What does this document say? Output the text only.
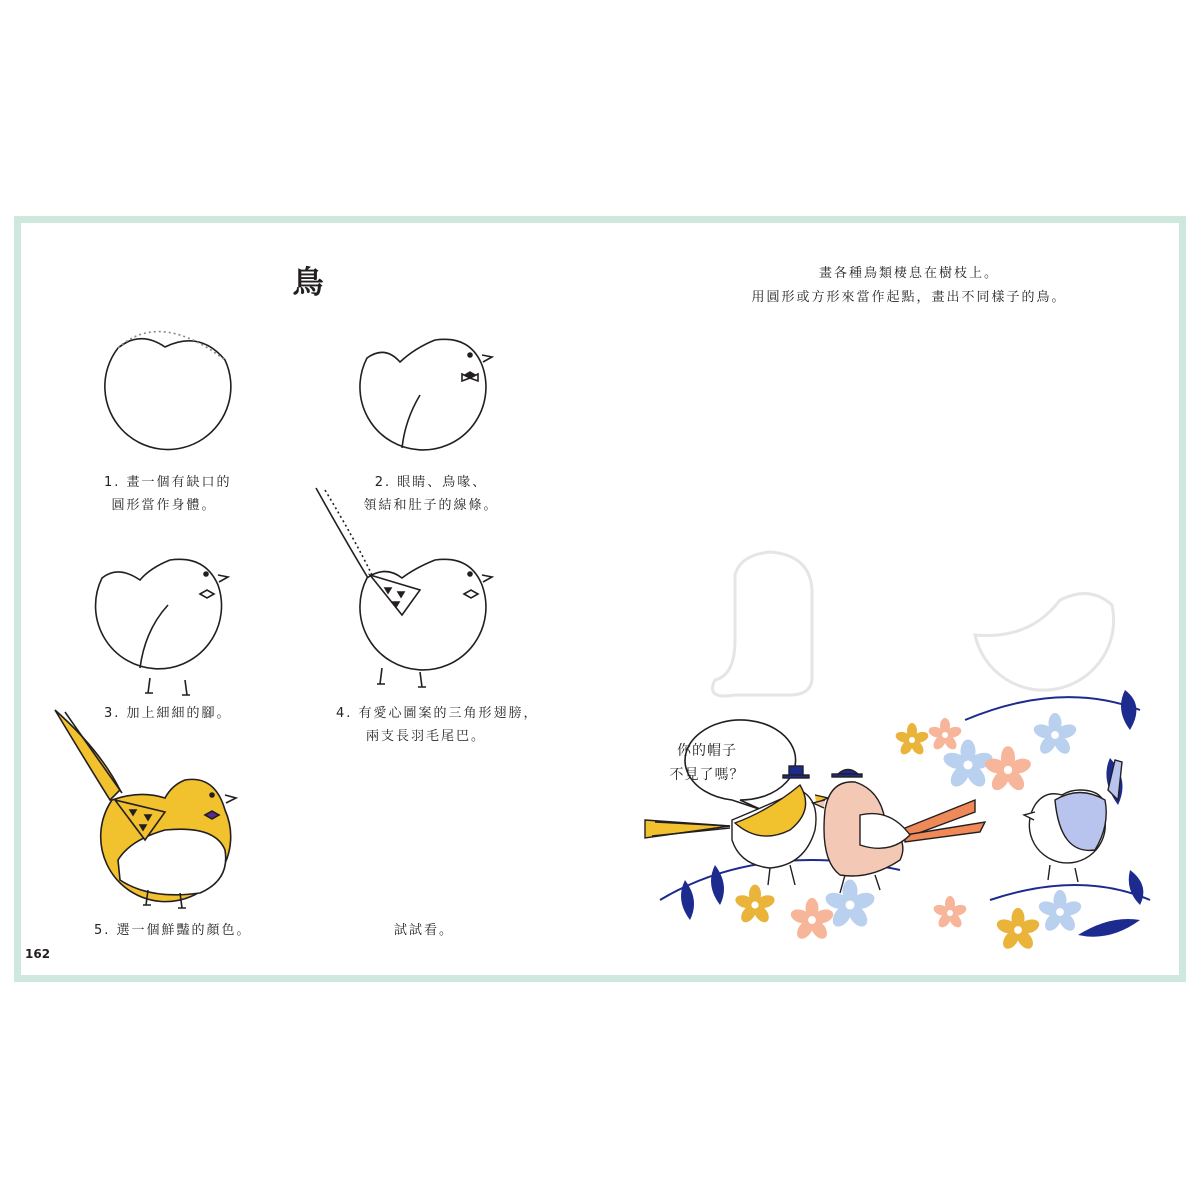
鳥	畫各種鳥類棲息在樹枝上。
用圓形或方形來當作起點，畫出不同樣子的鳥。
1. 畫一個有缺口的
圓形當作身體。
2. 眼睛、鳥喙、
領結和肚子的線條。
3. 加上細細的腳。	4. 有愛心圖案的三角形翅膀，
兩支長羽毛尾巴。
5. 選一個鮮豔的顏色。	試試看。
你的帽子
不見了嗎？
162
